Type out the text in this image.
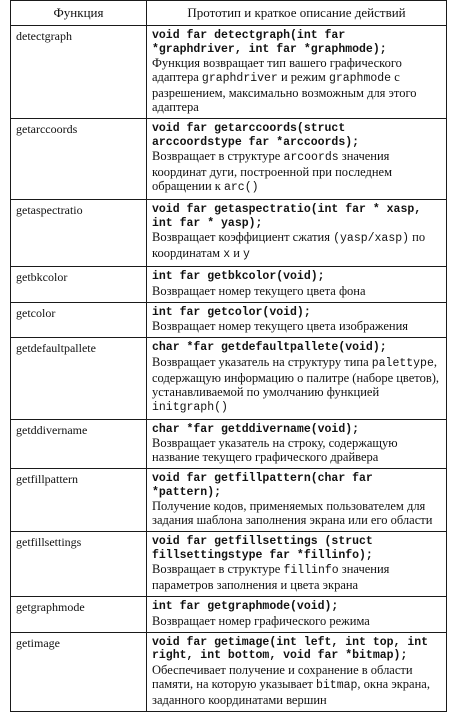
Функция	Прототип и краткое описание действий
detectgraph	void far detectgraph(int far *graphdriver, int far *graphmode);
Функция возвращает тип вашего графического адаптера graphdriver и режим graphmode с разрешением, максимально возможным для этого адаптера

getarccoords	void far getarccoords(struct arccoordstype far *arccoords);
Возвращает в структуре arcoords значения координат дуги, построенной при последнем обращении к arc()

getaspectratio	void far getaspectratio(int far * xasp, int far * yasp);
Возвращает коэффициент сжатия (yasp/xasp) по координатам x и y

getbkcolor	int far getbkcolor(void);
Возвращает номер текущего цвета фона

getcolor	int far getcolor(void);
Возвращает номер текущего цвета изображения

getdefaultpallete	char *far getdefaultpallete(void);
Возвращает указатель на структуру типа palettype, содержащую информацию о палитре (наборе цветов), устанавливаемой по умолчанию функцией initgraph()

getddivername	char *far getddivername(void);
Возвращает указатель на строку, содержащую название текущего графического драйвера

getfillpattern	void far getfillpattern(char far *pattern);
Получение кодов, применяемых пользователем для задания шаблона заполнения экрана или его области

getfillsettings	void far getfillsettings (struct fillsettingstype far *fillinfo);
Возвращает в структуре fillinfo значения параметров заполнения и цвета экрана

getgraphmode	int far getgraphmode(void);
Возвращает номер графического режима

getimage	void far getimage(int left, int top, int right, int bottom, void far *bitmap);
Обеспечивает получение и сохранение в области памяти, на которую указывает bitmap, окна экрана, заданного координатами вершин
